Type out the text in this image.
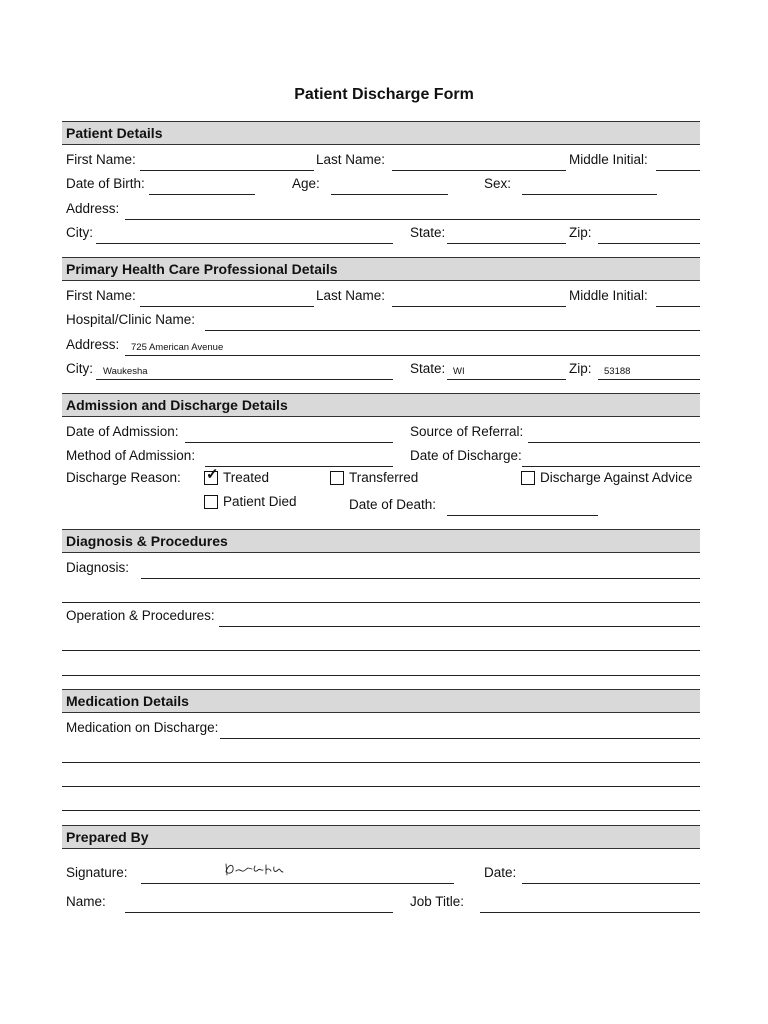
Patient Discharge Form
Patient Details
First Name:	Last Name:	Middle Initial:
Date of Birth:	Age:	Sex:
Address:
City:	State:	Zip:
Primary Health Care Professional Details
First Name:	Last Name:	Middle Initial:
Hospital/Clinic Name:
Address: 725 American Avenue
City: Waukesha	State: WI	Zip: 53188
Admission and Discharge Details
Date of Admission:	Source of Referral:
Method of Admission:	Date of Discharge:
Discharge Reason: ✓ Treated	Transferred	Discharge Against Advice
Patient Died	Date of Death:
Diagnosis & Procedures
Diagnosis:
Operation & Procedures:
Medication Details
Medication on Discharge:
Prepared By
Signature:	Date:
Name:	Job Title:
